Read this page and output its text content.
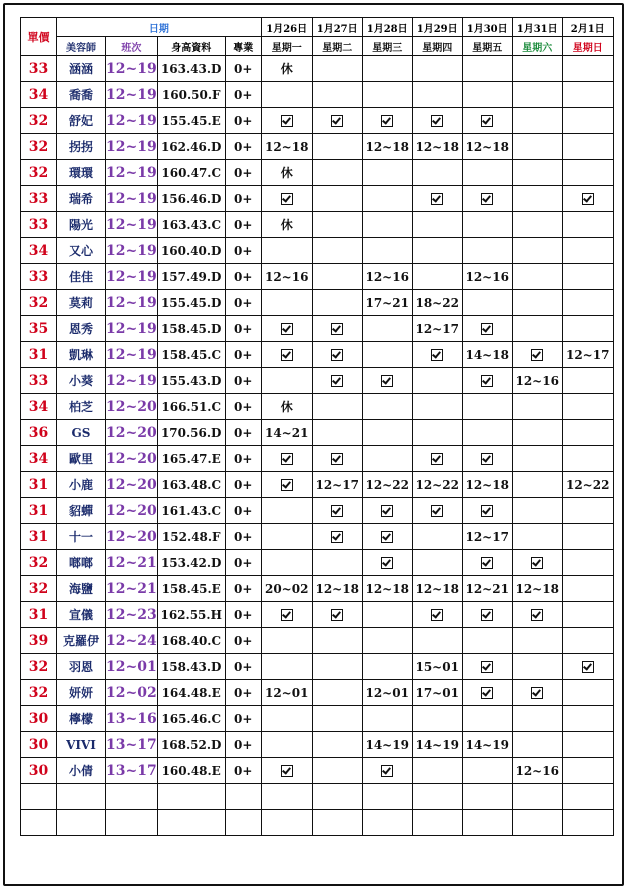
單價	日期				1月26日	1月27日	1月28日	1月29日	1月30日	1月31日	2月1日
	美容師	班次	身高資料	專業	星期一	星期二	星期三	星期四	星期五	星期六	星期日
33	涵涵	12~19	163.43.D	0+	休						
34	喬喬	12~19	160.50.F	0+							
32	舒妃	12~19	155.45.E	0+							
32	拐拐	12~19	162.46.D	0+	12~18		12~18	12~18	12~18		
32	環環	12~19	160.47.C	0+	休						
33	瑞希	12~19	156.46.D	0+							
33	陽光	12~19	163.43.C	0+	休						
34	又心	12~19	160.40.D	0+							
33	佳佳	12~19	157.49.D	0+	12~16		12~16		12~16		
32	莫莉	12~19	155.45.D	0+			17~21	18~22			
35	恩秀	12~19	158.45.D	0+				12~17			
31	凱琳	12~19	158.45.C	0+					14~18		12~17
33	小葵	12~19	155.43.D	0+						12~16	
34	柏芝	12~20	166.51.C	0+	休						
36	GS	12~20	170.56.D	0+	14~21						
34	歐里	12~20	165.47.E	0+							
31	小鹿	12~20	163.48.C	0+		12~17	12~22	12~22	12~18		12~22
31	貂蟬	12~20	161.43.C	0+							
31	十一	12~20	152.48.F	0+					12~17		
32	啷啷	12~21	153.42.D	0+							
32	海鹽	12~21	158.45.E	0+	20~02	12~18	12~18	12~18	12~21	12~18	
31	宣儀	12~23	162.55.H	0+							
39	克羅伊	12~24	168.40.C	0+							
32	羽恩	12~01	158.43.D	0+				15~01			
32	妍妍	12~02	164.48.E	0+	12~01		12~01	17~01			
30	檸檬	13~16	165.46.C	0+							
30	VIVI	13~17	168.52.D	0+			14~19	14~19	14~19		
30	小倩	13~17	160.48.E	0+						12~16	
